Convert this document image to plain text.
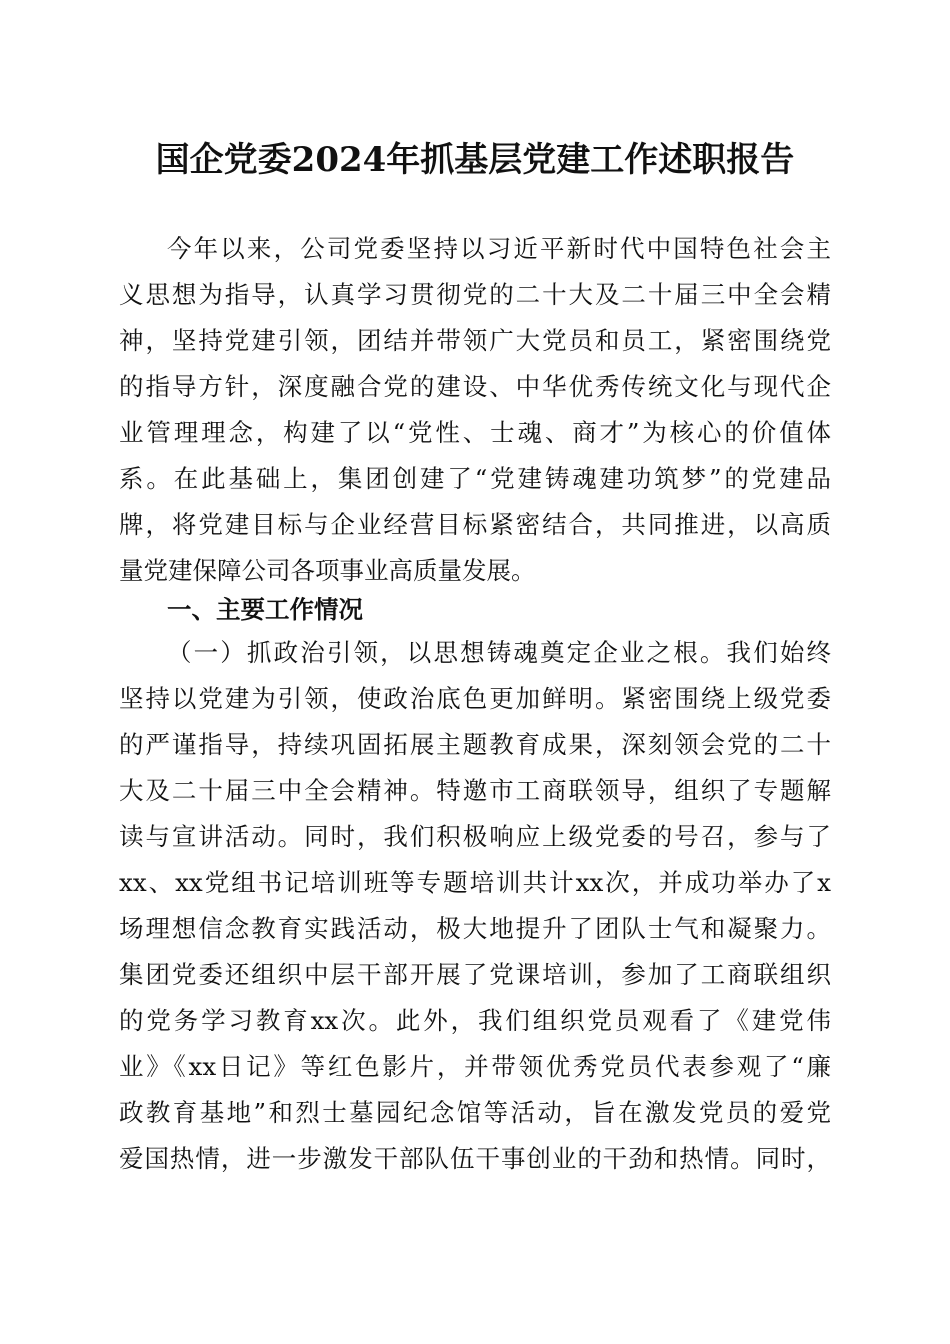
国企党委2024年抓基层党建工作述职报告
今年以来，公司党委坚持以习近平新时代中国特色社会主
义思想为指导，认真学习贯彻党的二十大及二十届三中全会精
神，坚持党建引领，团结并带领广大党员和员工，紧密围绕党
的指导方针，深度融合党的建设、中华优秀传统文化与现代企
业管理理念，构建了以“党性、士魂、商才”为核心的价值体
系。在此基础上，集团创建了“党建铸魂建功筑梦”的党建品
牌，将党建目标与企业经营目标紧密结合，共同推进，以高质
量党建保障公司各项事业高质量发展。
一、主要工作情况
（一）抓政治引领，以思想铸魂奠定企业之根。我们始终
坚持以党建为引领，使政治底色更加鲜明。紧密围绕上级党委
的严谨指导，持续巩固拓展主题教育成果，深刻领会党的二十
大及二十届三中全会精神。特邀市工商联领导，组织了专题解
读与宣讲活动。同时，我们积极响应上级党委的号召，参与了
xx、xx党组书记培训班等专题培训共计xx次，并成功举办了x
场理想信念教育实践活动，极大地提升了团队士气和凝聚力。
集团党委还组织中层干部开展了党课培训，参加了工商联组织
的党务学习教育xx次。此外，我们组织党员观看了《建党伟
业》《xx日记》等红色影片，并带领优秀党员代表参观了“廉
政教育基地”和烈士墓园纪念馆等活动，旨在激发党员的爱党
爱国热情，进一步激发干部队伍干事创业的干劲和热情。同时，
